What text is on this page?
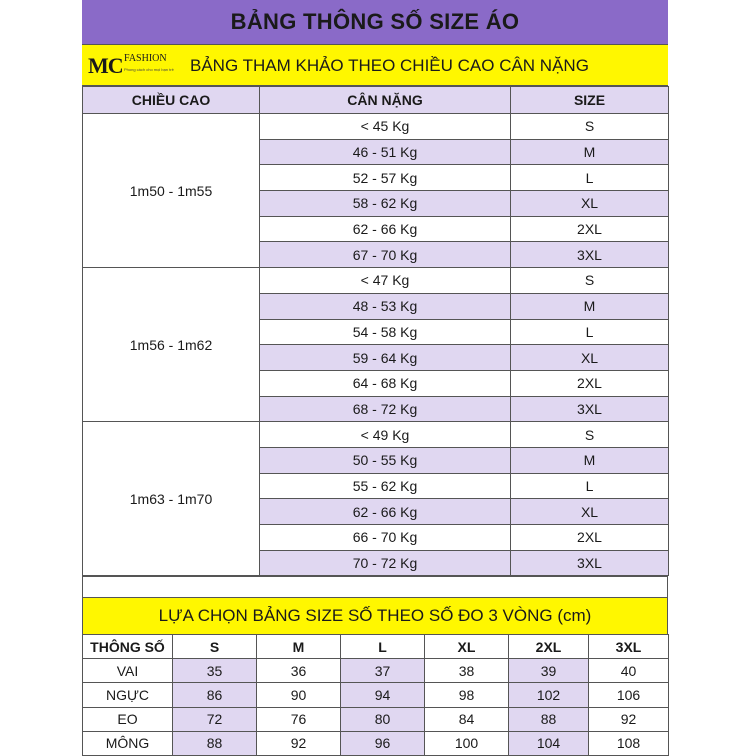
BẢNG THÔNG SỐ SIZE ÁO
MC FASHION
Phong cách cho mọi bạn trẻ BẢNG THAM KHẢO THEO CHIỀU CAO CÂN NẶNG
CHIỀU CAO	CÂN NẶNG	SIZE
1m50 - 1m55	< 45 Kg	S
	46 - 51 Kg	M
	52 - 57 Kg	L
	58 - 62 Kg	XL
	62 - 66 Kg	2XL
	67 - 70 Kg	3XL
1m56 - 1m62	< 47 Kg	S
	48 - 53 Kg	M
	54 - 58 Kg	L
	59 - 64 Kg	XL
	64 - 68 Kg	2XL
	68 - 72 Kg	3XL
1m63 - 1m70	< 49 Kg	S
	50 - 55 Kg	M
	55 - 62 Kg	L
	62 - 66 Kg	XL
	66 - 70 Kg	2XL
	70 - 72 Kg	3XL
LỰA CHỌN BẢNG SIZE SỐ THEO SỐ ĐO 3 VÒNG (cm)
THÔNG SỐ	S	M	L	XL	2XL	3XL
VAI	35	36	37	38	39	40
NGỰC	86	90	94	98	102	106
EO	72	76	80	84	88	92
MÔNG	88	92	96	100	104	108
